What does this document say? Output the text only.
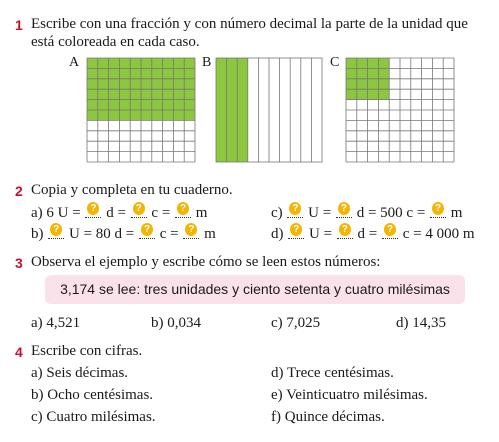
1 Escribe con una fracción y con número decimal la parte de la unidad que
está coloreada en cada caso.
A	B	C
2 Copia y completa en tu cuaderno.
a) 6 U = ? d = ? c = ? m
b) ? U = 80 d = ? c = ? m
c) ? U = ? d = 500 c = ? m
d) ? U = ? d = ? c = 4 000 m
3 Observa el ejemplo y escribe cómo se leen estos números:
3,174 se lee: tres unidades y ciento setenta y cuatro milésimas
a) 4,521	b) 0,034	c) 7,025	d) 14,35
4 Escribe con cifras.
a) Seis décimas.
b) Ocho centésimas.
c) Cuatro milésimas.
d) Trece centésimas.
e) Veinticuatro milésimas.
f) Quince décimas.
